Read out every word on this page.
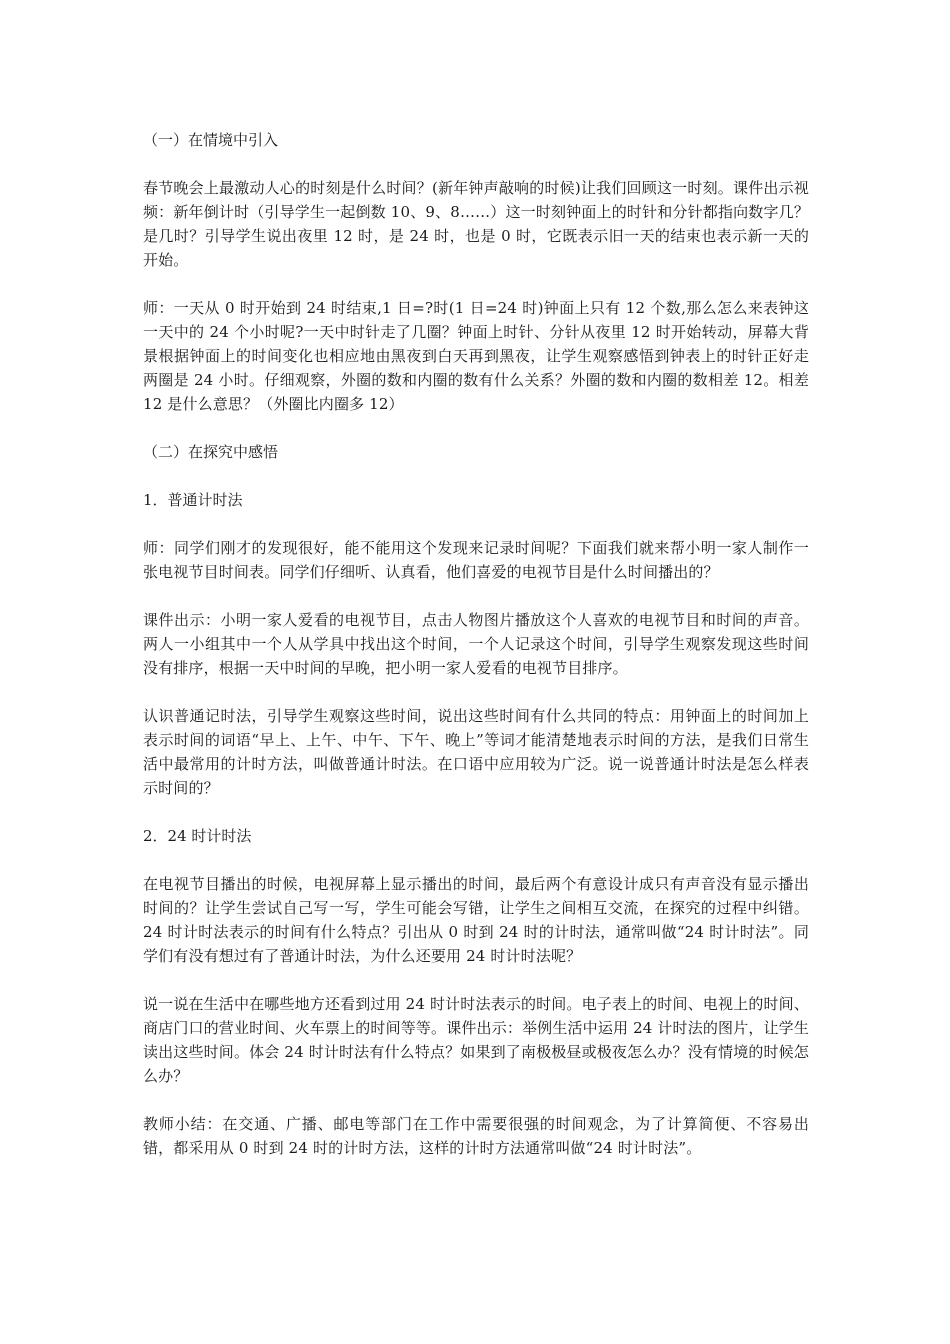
（一）在情境中引入
春节晚会上最激动人心的时刻是什么时间？(新年钟声敲响的时候)让我们回顾这一时刻。课件出示视频：新年倒计时（引导学生一起倒数 10、9、8……）这一时刻钟面上的时针和分针都指向数字几？是几时？引导学生说出夜里 12 时，是 24 时，也是 0 时，它既表示旧一天的结束也表示新一天的开始。
师：一天从 0 时开始到 24 时结束,1 日=?时(1 日=24 时)钟面上只有 12 个数,那么怎么来表钟这一天中的 24 个小时呢?一天中时针走了几圈？钟面上时针、分针从夜里 12 时开始转动，屏幕大背景根据钟面上的时间变化也相应地由黑夜到白天再到黑夜，让学生观察感悟到钟表上的时针正好走两圈是 24 小时。仔细观察，外圈的数和内圈的数有什么关系？外圈的数和内圈的数相差 12。相差 12 是什么意思？（外圈比内圈多 12）
（二）在探究中感悟
1．普通计时法
师：同学们刚才的发现很好，能不能用这个发现来记录时间呢？下面我们就来帮小明一家人制作一张电视节目时间表。同学们仔细听、认真看，他们喜爱的电视节目是什么时间播出的？
课件出示：小明一家人爱看的电视节目，点击人物图片播放这个人喜欢的电视节目和时间的声音。两人一小组其中一个人从学具中找出这个时间，一个人记录这个时间，引导学生观察发现这些时间没有排序，根据一天中时间的早晚，把小明一家人爱看的电视节目排序。
认识普通记时法，引导学生观察这些时间，说出这些时间有什么共同的特点：用钟面上的时间加上表示时间的词语“早上、上午、中午、下午、晚上”等词才能清楚地表示时间的方法，是我们日常生活中最常用的计时方法，叫做普通计时法。在口语中应用较为广泛。说一说普通计时法是怎么样表示时间的？
2．24 时计时法
在电视节目播出的时候，电视屏幕上显示播出的时间，最后两个有意设计成只有声音没有显示播出时间的？让学生尝试自己写一写，学生可能会写错，让学生之间相互交流，在探究的过程中纠错。24 时计时法表示的时间有什么特点？引出从 0 时到 24 时的计时法，通常叫做“24 时计时法”。同学们有没有想过有了普通计时法，为什么还要用 24 时计时法呢？
说一说在生活中在哪些地方还看到过用 24 时计时法表示的时间。电子表上的时间、电视上的时间、商店门口的营业时间、火车票上的时间等等。课件出示：举例生活中运用 24 计时法的图片，让学生读出这些时间。体会 24 时计时法有什么特点？如果到了南极极昼或极夜怎么办？没有情境的时候怎么办？
教师小结：在交通、广播、邮电等部门在工作中需要很强的时间观念，为了计算简便、不容易出错，都采用从 0 时到 24 时的计时方法，这样的计时方法通常叫做“24 时计时法”。
